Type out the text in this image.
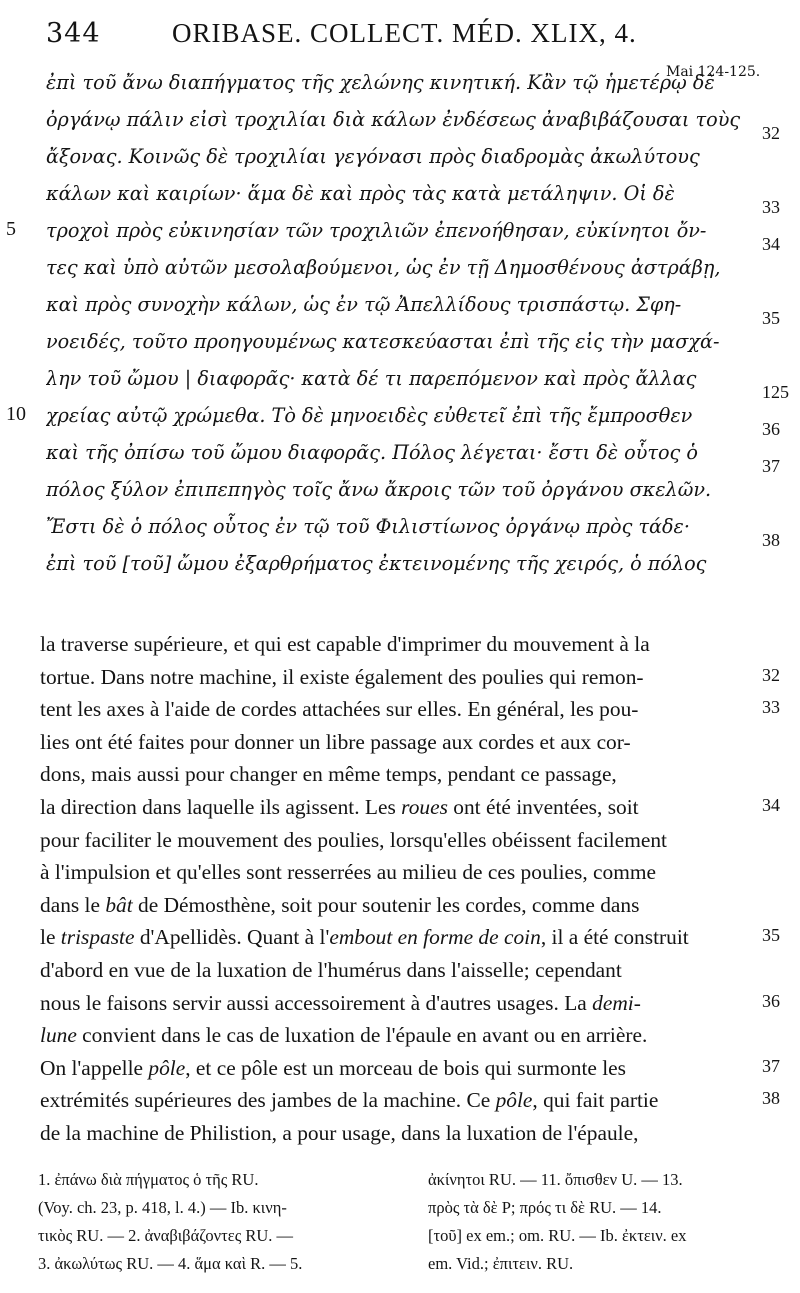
344	ORIBASE. COLLECT. MÉD. XLIX, 4.
Mai 124-125.
ἐπὶ τοῦ ἄνω διαπήγματος τῆς χελώνης κινητική. Κἂν τῷ ἡμετέρῳ δὲ
ὀργάνῳ πάλιν εἰσὶ τροχιλίαι διὰ κάλων ἐνδέσεως ἀναβιβάζουσαι τοὺς
32
ἄξονας. Κοινῶς δὲ τροχιλίαι γεγόνασι πρὸς διαδρομὰς ἀκωλύτους
κάλων καὶ καιρίων· ἅμα δὲ καὶ πρὸς τὰς κατὰ μετάληψιν. Οἱ δὲ
33
τροχοὶ πρὸς εὐκινησίαν τῶν τροχιλιῶν ἐπενοήθησαν, εὐκίνητοι ὄν-
5
34
τες καὶ ὑπὸ αὐτῶν μεσολαβούμενοι, ὡς ἐν τῇ Δημοσθένους ἀστράβῃ,
καὶ πρὸς συνοχὴν κάλων, ὡς ἐν τῷ Ἀπελλίδους τρισπάστῳ. Σφη-
35
νοειδές, τοῦτο προηγουμένως κατεσκεύασται ἐπὶ τῆς εἰς τὴν μασχά-
λην τοῦ ὤμου | διαφορᾶς· κατὰ δέ τι παρεπόμενον καὶ πρὸς ἄλλας
125
χρείας αὐτῷ χρώμεθα. Τὸ δὲ μηνοειδὲς εὐθετεῖ ἐπὶ τῆς ἔμπροσθεν
10
36
καὶ τῆς ὀπίσω τοῦ ὤμου διαφορᾶς. Πόλος λέγεται· ἔστι δὲ οὗτος ὁ
37
πόλος ξύλον ἐπιπεπηγὸς τοῖς ἄνω ἄκροις τῶν τοῦ ὀργάνου σκελῶν.
Ἔστι δὲ ὁ πόλος οὗτος ἐν τῷ τοῦ Φιλιστίωνος ὀργάνῳ πρὸς τάδε·
38
ἐπὶ τοῦ [τοῦ] ὤμου ἐξαρθρήματος ἐκτεινομένης τῆς χειρός, ὁ πόλος
la traverse supérieure, et qui est capable d'imprimer du mouvement à la
tortue. Dans notre machine, il existe également des poulies qui remon-	32
tent les axes à l'aide de cordes attachées sur elles. En général, les pou-	33
lies ont été faites pour donner un libre passage aux cordes et aux cor-
dons, mais aussi pour changer en même temps, pendant ce passage,
la direction dans laquelle ils agissent. Les roues ont été inventées, soit	34
pour faciliter le mouvement des poulies, lorsqu'elles obéissent facilement
à l'impulsion et qu'elles sont resserrées au milieu de ces poulies, comme
dans le bât de Démosthène, soit pour soutenir les cordes, comme dans
le trispaste d'Apellidès. Quant à l'embout en forme de coin, il a été construit	35
d'abord en vue de la luxation de l'humérus dans l'aisselle; cependant
nous le faisons servir aussi accessoirement à d'autres usages. La demi-	36
lune convient dans le cas de luxation de l'épaule en avant ou en arrière.
On l'appelle pôle, et ce pôle est un morceau de bois qui surmonte les	37
extrémités supérieures des jambes de la machine. Ce pôle, qui fait partie	38
de la machine de Philistion, a pour usage, dans la luxation de l'épaule,
1. ἐπάνω διὰ πήγματος ὁ τῆς RU.
(Voy. ch. 23, p. 418, l. 4.) — Ib. κινη-
τικὸς RU. — 2. ἀναβιβάζοντες RU. —
3. ἀκωλύτως RU. — 4. ἅμα καὶ R. — 5.
ἀκίνητοι RU. — 11. ὄπισθεν U. — 13.
πρὸς τὰ δὲ P; πρός τι δὲ RU. — 14.
[τοῦ] ex em.; om. RU. — Ib. ἐκτειν. ex
em. Vid.; ἐπιτειν. RU.
